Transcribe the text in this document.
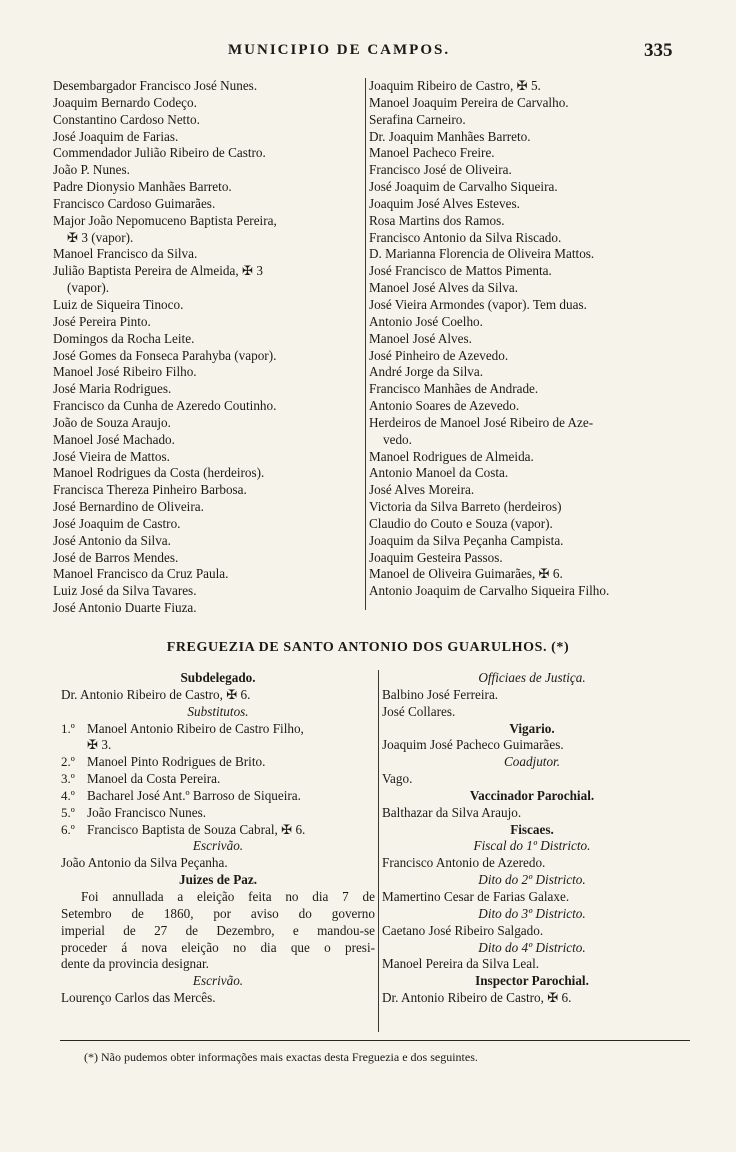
MUNICIPIO DE CAMPOS.	335
Desembargador Francisco José Nunes.
Joaquim Bernardo Codeço.
Constantino Cardoso Netto.
José Joaquim de Farias.
Commendador Julião Ribeiro de Castro.
João P. Nunes.
Padre Dionysio Manhães Barreto.
Francisco Cardoso Guimarães.
Major João Nepomuceno Baptista Pereira,
✠ 3 (vapor).
Manoel Francisco da Silva.
Julião Baptista Pereira de Almeida, ✠ 3
(vapor).
Luiz de Siqueira Tinoco.
José Pereira Pinto.
Domingos da Rocha Leite.
José Gomes da Fonseca Parahyba (vapor).
Manoel José Ribeiro Filho.
José Maria Rodrigues.
Francisco da Cunha de Azeredo Coutinho.
João de Souza Araujo.
Manoel José Machado.
José Vieira de Mattos.
Manoel Rodrigues da Costa (herdeiros).
Francisca Thereza Pinheiro Barbosa.
José Bernardino de Oliveira.
José Joaquim de Castro.
José Antonio da Silva.
José de Barros Mendes.
Manoel Francisco da Cruz Paula.
Luiz José da Silva Tavares.
José Antonio Duarte Fiuza.
Joaquim Ribeiro de Castro, ✠ 5.
Manoel Joaquim Pereira de Carvalho.
Serafina Carneiro.
Dr. Joaquim Manhães Barreto.
Manoel Pacheco Freire.
Francisco José de Oliveira.
José Joaquim de Carvalho Siqueira.
Joaquim José Alves Esteves.
Rosa Martins dos Ramos.
Francisco Antonio da Silva Riscado.
D. Marianna Florencia de Oliveira Mattos.
José Francisco de Mattos Pimenta.
Manoel José Alves da Silva.
José Vieira Armondes (vapor). Tem duas.
Antonio José Coelho.
Manoel José Alves.
José Pinheiro de Azevedo.
André Jorge da Silva.
Francisco Manhães de Andrade.
Antonio Soares de Azevedo.
Herdeiros de Manoel José Ribeiro de Aze-
vedo.
Manoel Rodrigues de Almeida.
Antonio Manoel da Costa.
José Alves Moreira.
Victoria da Silva Barreto (herdeiros)
Claudio do Couto e Souza (vapor).
Joaquim da Silva Peçanha Campista.
Joaquim Gesteira Passos.
Manoel de Oliveira Guimarães, ✠ 6.
Antonio Joaquim de Carvalho Siqueira Filho.
FREGUEZIA DE SANTO ANTONIO DOS GUARULHOS. (*)
Subdelegado.
Dr. Antonio Ribeiro de Castro, ✠ 6.
Substitutos.
1.º Manoel Antonio Ribeiro de Castro Filho,
✠ 3.
2.º Manoel Pinto Rodrigues de Brito.
3.º Manoel da Costa Pereira.
4.º Bacharel José Ant.º Barroso de Siqueira.
5.º João Francisco Nunes.
6.º Francisco Baptista de Souza Cabral, ✠ 6.
Escrivão.
João Antonio da Silva Peçanha.
Juizes de Paz.
Foi annullada a eleição feita no dia 7 de
Setembro de 1860, por aviso do governo
imperial de 27 de Dezembro, e mandou-se
proceder á nova eleição no dia que o presi-
dente da provincia designar.
Escrivão.
Lourenço Carlos das Mercês.
Officiaes de Justiça.
Balbino José Ferreira.
José Collares.
Vigario.
Joaquim José Pacheco Guimarães.
Coadjutor.
Vago.
Vaccinador Parochial.
Balthazar da Silva Araujo.
Fiscaes.
Fiscal do 1º Districto.
Francisco Antonio de Azeredo.
Dito do 2º Districto.
Mamertino Cesar de Farias Galaxe.
Dito do 3º Districto.
Caetano José Ribeiro Salgado.
Dito do 4º Districto.
Manoel Pereira da Silva Leal.
Inspector Parochial.
Dr. Antonio Ribeiro de Castro, ✠ 6.
(*) Não pudemos obter informações mais exactas desta Freguezia e dos seguintes.
